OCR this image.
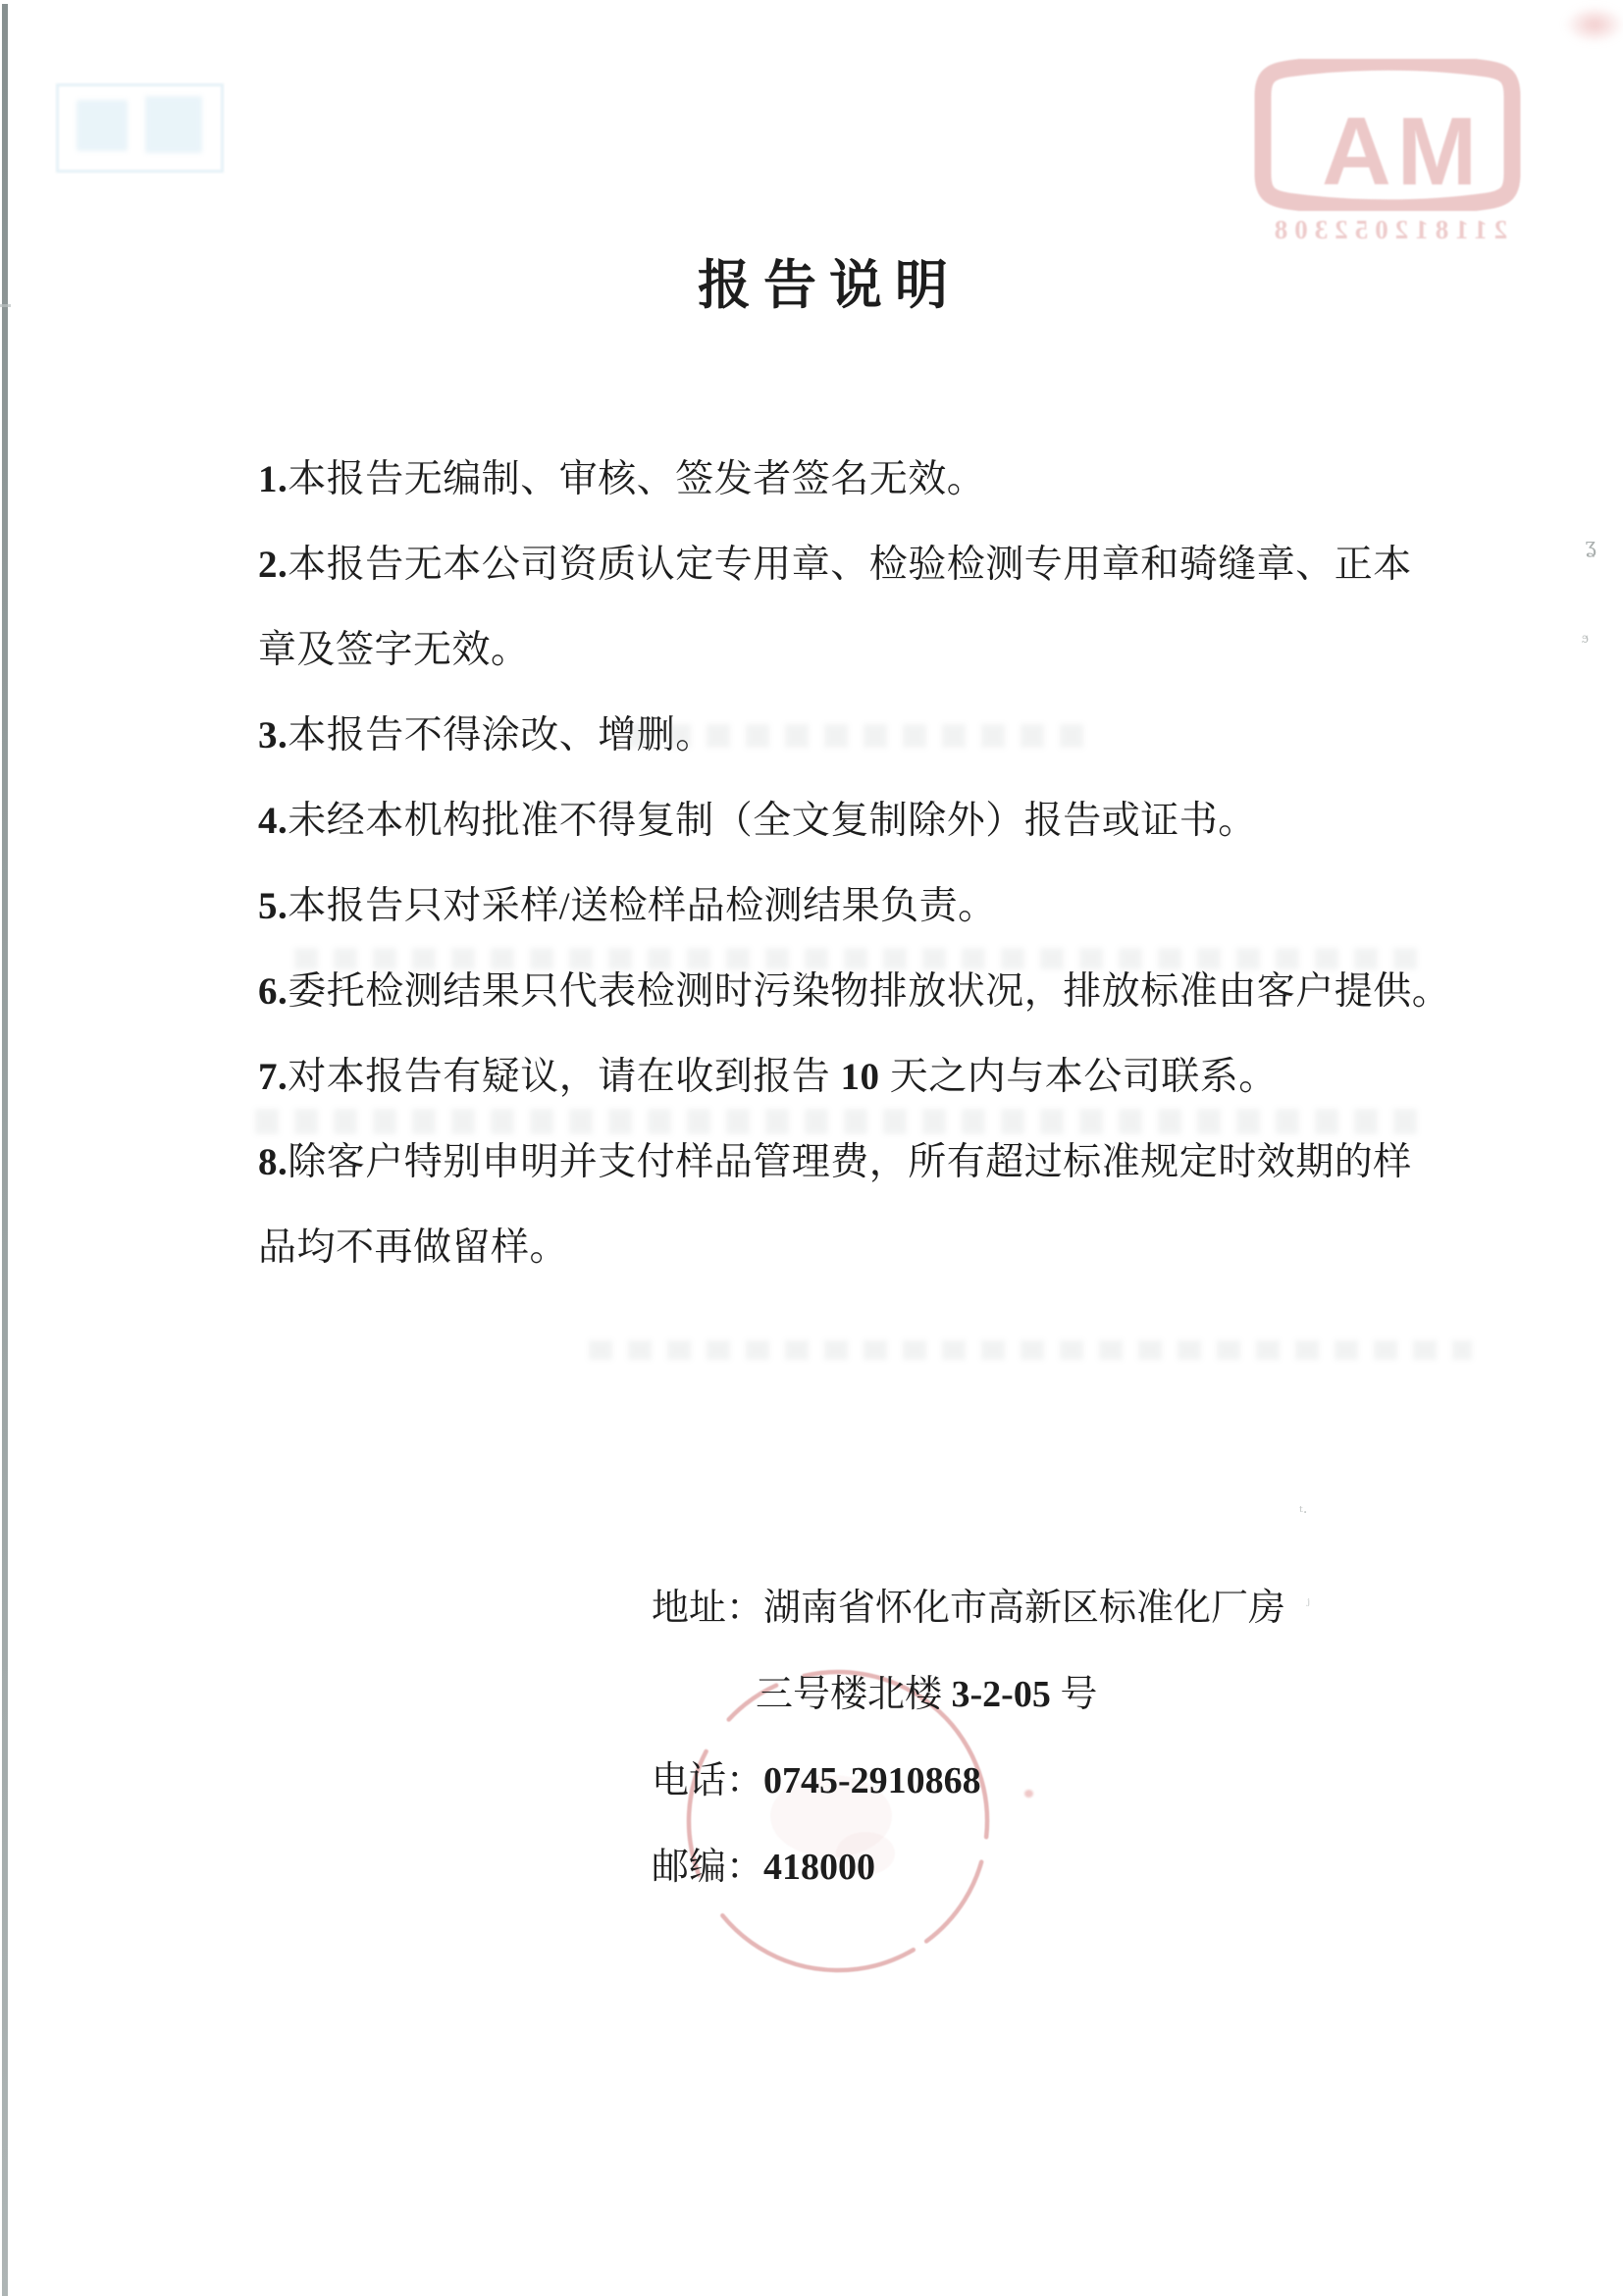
MA
211812052308
报告说明
1.本报告无编制、审核、签发者签名无效。
2.本报告无本公司资质认定专用章、检验检测专用章和骑缝章、正本
章及签字无效。
3.本报告不得涂改、增删。
4.未经本机构批准不得复制（全文复制除外）报告或证书。
5.本报告只对采样/送检样品检测结果负责。
6.委托检测结果只代表检测时污染物排放状况，排放标准由客户提供。
7.对本报告有疑议，请在收到报告 10 天之内与本公司联系。
8.除客户特别申明并支付样品管理费，所有超过标准规定时效期的样
品均不再做留样。
地址：湖南省怀化市高新区标准化厂房
三号楼北楼 3-2-05 号
电话：0745-2910868
邮编：418000
ʓ
ϧ
ᵗ·
ʲ
